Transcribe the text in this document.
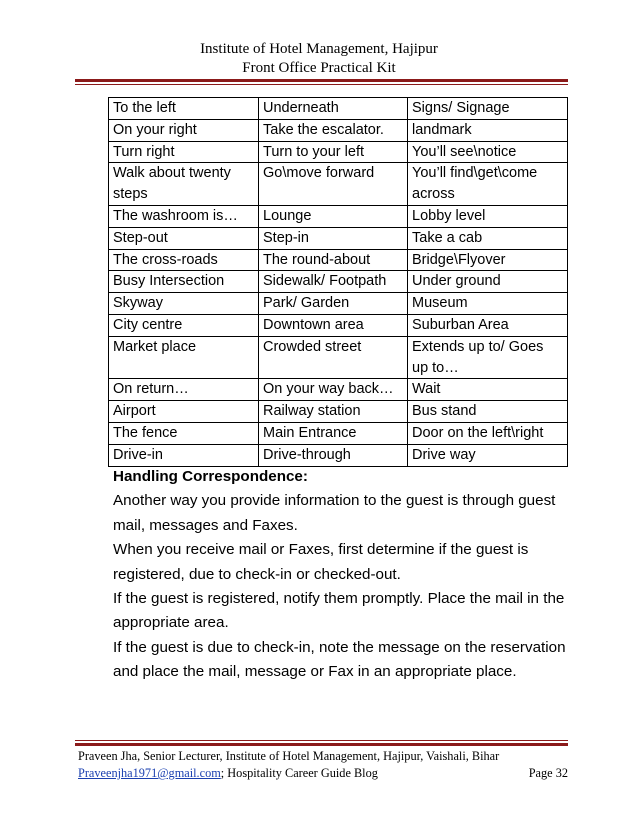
Institute of Hotel Management, Hajipur
Front Office Practical Kit
To the left	Underneath	Signs/ Signage
On your right	Take the escalator.	landmark
Turn right	Turn to your left	You’ll see\notice
Walk about twenty steps	Go\move forward	You’ll find\get\come across
The washroom is…	Lounge	Lobby level
Step-out	Step-in	Take a cab
The cross-roads	The round-about	Bridge\Flyover
Busy Intersection	Sidewalk/ Footpath	Under ground
Skyway	Park/ Garden	Museum
City centre	Downtown area	Suburban Area
Market place	Crowded street	Extends up to/ Goes up to…
On return…	On your way back…	Wait
Airport	Railway station	Bus stand
The fence	Main Entrance	Door on the left\right
Drive-in	Drive-through	Drive way
Handling Correspondence:

Another way you provide information to the guest is through guest mail, messages and Faxes.

When you receive mail or Faxes, first determine if the guest is registered, due to check-in or checked-out.

If the guest is registered, notify them promptly. Place the mail in the appropriate area.

If the guest is due to check-in, note the message on the reservation and place the mail, message or Fax in an appropriate place.

Praveen Jha, Senior Lecturer, Institute of Hotel Management, Hajipur, Vaishali, Bihar
Praveenjha1971@gmail.com; Hospitality Career Guide Blog	Page 32
